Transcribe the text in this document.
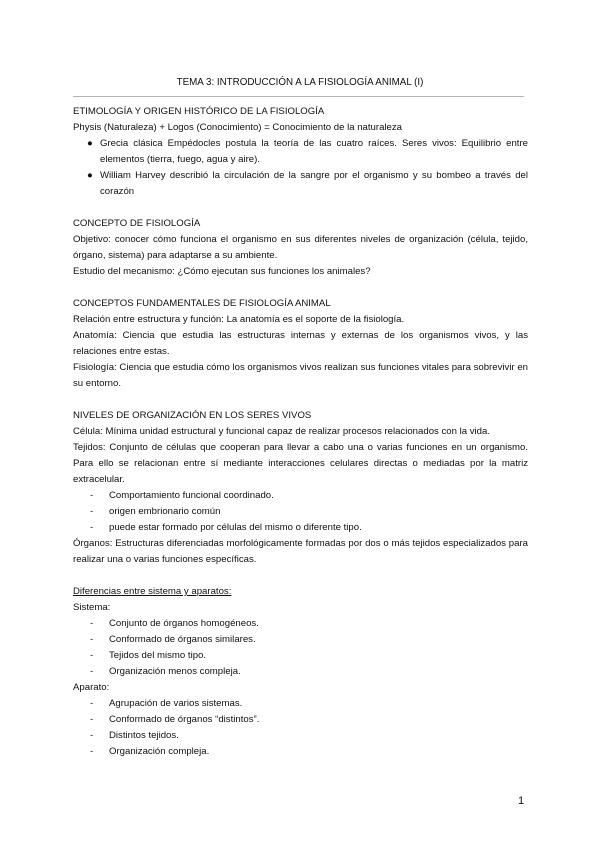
TEMA 3: INTRODUCCIÓN A LA FISIOLOGÍA ANIMAL (I)

ETIMOLOGÍA Y ORIGEN HISTÓRICO DE LA FISIOLOGÍA

Physis (Naturaleza) + Logos (Conocimiento) = Conocimiento de la naturaleza

● Grecia clásica Empédocles postula la teoría de las cuatro raíces. Seres vivos: Equilibrio entre elementos (tierra, fuego, agua y aire).
● William Harvey describió la circulación de la sangre por el organismo y su bombeo a través del corazón

CONCEPTO DE FISIOLOGÍA

Objetivo: conocer cómo funciona el organismo en sus diferentes niveles de organización (célula, tejido, órgano, sistema) para adaptarse a su ambiente.

Estudio del mecanismo: ¿Cómo ejecutan sus funciones los animales?

CONCEPTOS FUNDAMENTALES DE FISIOLOGÍA ANIMAL

Relación entre estructura y función: La anatomía es el soporte de la fisiología.

Anatomía: Ciencia que estudia las estructuras internas y externas de los organismos vivos, y las relaciones entre estas.

Fisiología: Ciencia que estudia cómo los organismos vivos realizan sus funciones vitales para sobrevivir en su entorno.

NIVELES DE ORGANIZACIÓN EN LOS SERES VIVOS

Célula: Mínima unidad estructural y funcional capaz de realizar procesos relacionados con la vida.

Tejidos: Conjunto de células que cooperan para llevar a cabo una o varias funciones en un organismo. Para ello se relacionan entre sí mediante interacciones celulares directas o mediadas por la matriz extracelular.

- Comportamiento funcional coordinado.
- origen embrionario común
- puede estar formado por células del mismo o diferente tipo.

Órganos: Estructuras diferenciadas morfológicamente formadas por dos o más tejidos especializados para realizar una o varias funciones específicas.

Diferencias entre sistema y aparatos:

Sistema:

- Conjunto de órganos homogéneos.
- Conformado de órganos similares.
- Tejidos del mismo tipo.
- Organización menos compleja.

Aparato:

- Agrupación de varios sistemas.
- Conformado de órganos “distintos”.
- Distintos tejidos.
- Organización compleja.
1
